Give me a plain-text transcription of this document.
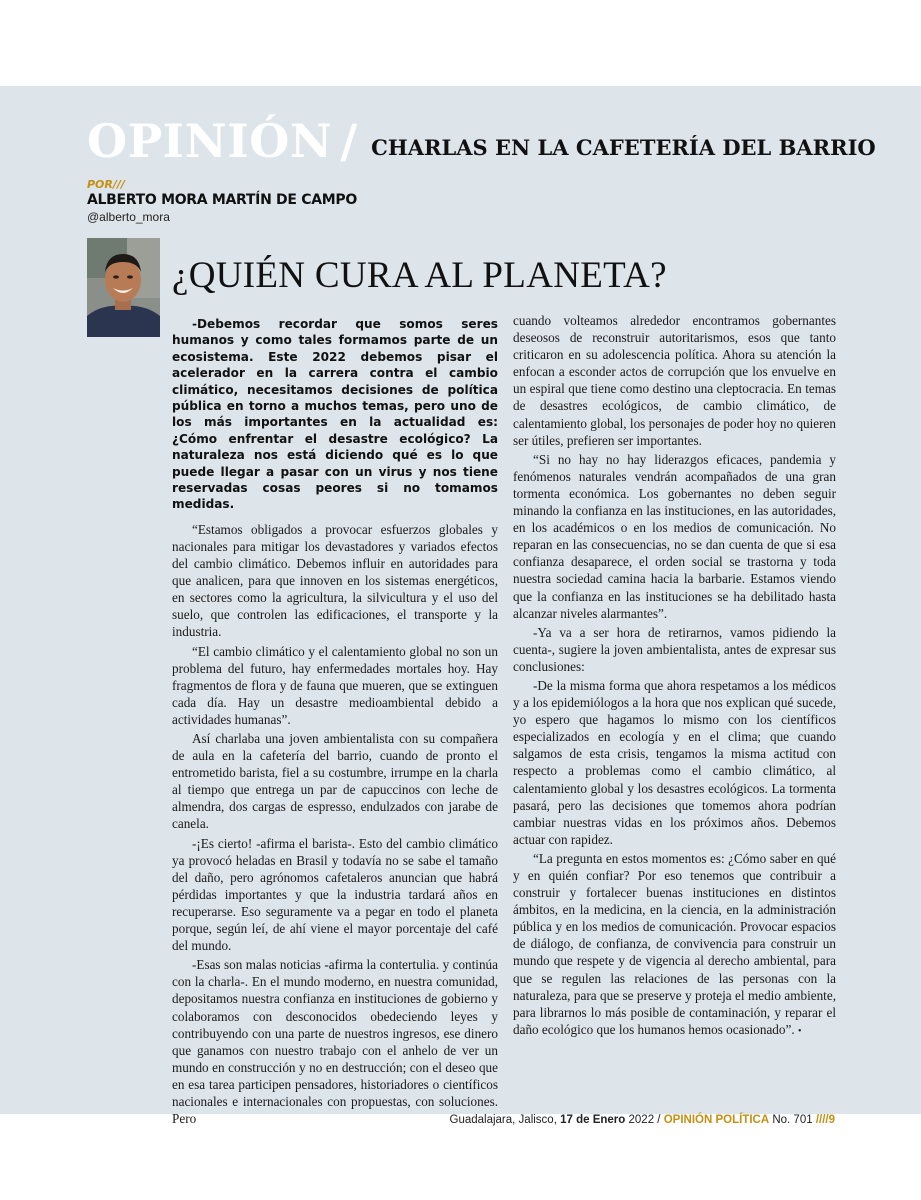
OPINIÓN / CHARLAS EN LA CAFETERÍA DEL BARRIO
POR///
ALBERTO MORA MARTÍN DE CAMPO
@alberto_mora
¿QUIÉN CURA AL PLANETA?

-Debemos recordar que somos seres humanos y como tales formamos parte de un ecosistema. Este 2022 debemos pisar el acelerador en la carrera contra el cambio climático, necesitamos decisiones de política pública en torno a muchos temas, pero uno de los más importantes en la actualidad es: ¿Cómo enfrentar el desastre ecológico? La naturaleza nos está diciendo qué es lo que puede llegar a pasar con un virus y nos tiene reservadas cosas peores si no tomamos medidas.

“Estamos obligados a provocar esfuerzos globales y nacionales para mitigar los devastadores y variados efectos del cambio climático. Debemos influir en autoridades para que analicen, para que innoven en los sistemas energéticos, en sectores como la agricultura, la silvicultura y el uso del suelo, que controlen las edificaciones, el transporte y la industria.

“El cambio climático y el calentamiento global no son un problema del futuro, hay enfermedades mortales hoy. Hay fragmentos de flora y de fauna que mueren, que se extinguen cada día. Hay un desastre medioambiental debido a actividades humanas”.

Así charlaba una joven ambientalista con su compañera de aula en la cafetería del barrio, cuando de pronto el entrometido barista, fiel a su costumbre, irrumpe en la charla al tiempo que entrega un par de capuccinos con leche de almendra, dos cargas de espresso, endulzados con jarabe de canela.

-¡Es cierto! -afirma el barista-. Esto del cambio climático ya provocó heladas en Brasil y todavía no se sabe el tamaño del daño, pero agrónomos cafetaleros anuncian que habrá pérdidas importantes y que la industria tardará años en recuperarse. Eso seguramente va a pegar en todo el planeta porque, según leí, de ahí viene el mayor porcentaje del café del mundo.

-Esas son malas noticias -afirma la contertulia. y continúa con la charla-. En el mundo moderno, en nuestra comunidad, depositamos nuestra confianza en instituciones de gobierno y colaboramos con desconocidos obedeciendo leyes y contribuyendo con una parte de nuestros ingresos, ese dinero que ganamos con nuestro trabajo con el anhelo de ver un mundo en construcción y no en destrucción; con el deseo que en esa tarea participen pensadores, historiadores o científicos nacionales e internacionales con propuestas, con soluciones. Pero

cuando volteamos alrededor encontramos gobernantes deseosos de reconstruir autoritarismos, esos que tanto criticaron en su adolescencia política. Ahora su atención la enfocan a esconder actos de corrupción que los envuelve en un espiral que tiene como destino una cleptocracia. En temas de desastres ecológicos, de cambio climático, de calentamiento global, los personajes de poder hoy no quieren ser útiles, prefieren ser importantes.

“Si no hay no hay liderazgos eficaces, pandemia y fenómenos naturales vendrán acompañados de una gran tormenta económica. Los gobernantes no deben seguir minando la confianza en las instituciones, en las autoridades, en los académicos o en los medios de comunicación. No reparan en las consecuencias, no se dan cuenta de que si esa confianza desaparece, el orden social se trastorna y toda nuestra sociedad camina hacia la barbarie. Estamos viendo que la confianza en las instituciones se ha debilitado hasta alcanzar niveles alarmantes”.

-Ya va a ser hora de retirarnos, vamos pidiendo la cuenta-, sugiere la joven ambientalista, antes de expresar sus conclusiones:

-De la misma forma que ahora respetamos a los médicos y a los epidemiólogos a la hora que nos explican qué sucede, yo espero que hagamos lo mismo con los científicos especializados en ecología y en el clima; que cuando salgamos de esta crisis, tengamos la misma actitud con respecto a problemas como el cambio climático, al calentamiento global y los desastres ecológicos. La tormenta pasará, pero las decisiones que tomemos ahora podrían cambiar nuestras vidas en los próximos años. Debemos actuar con rapidez.

“La pregunta en estos momentos es: ¿Cómo saber en qué y en quién confiar? Por eso tenemos que contribuir a construir y fortalecer buenas instituciones en distintos ámbitos, en la medicina, en la ciencia, en la administración pública y en los medios de comunicación. Provocar espacios de diálogo, de confianza, de convivencia para construir un mundo que respete y de vigencia al derecho ambiental, para que se regulen las relaciones de las personas con la naturaleza, para que se preserve y proteja el medio ambiente, para librarnos lo más posible de contaminación, y reparar el daño ecológico que los humanos hemos ocasionado”. •

Guadalajara, Jalisco, 17 de Enero 2022 / OPINIÓN POLÍTICA No. 701 ////9
